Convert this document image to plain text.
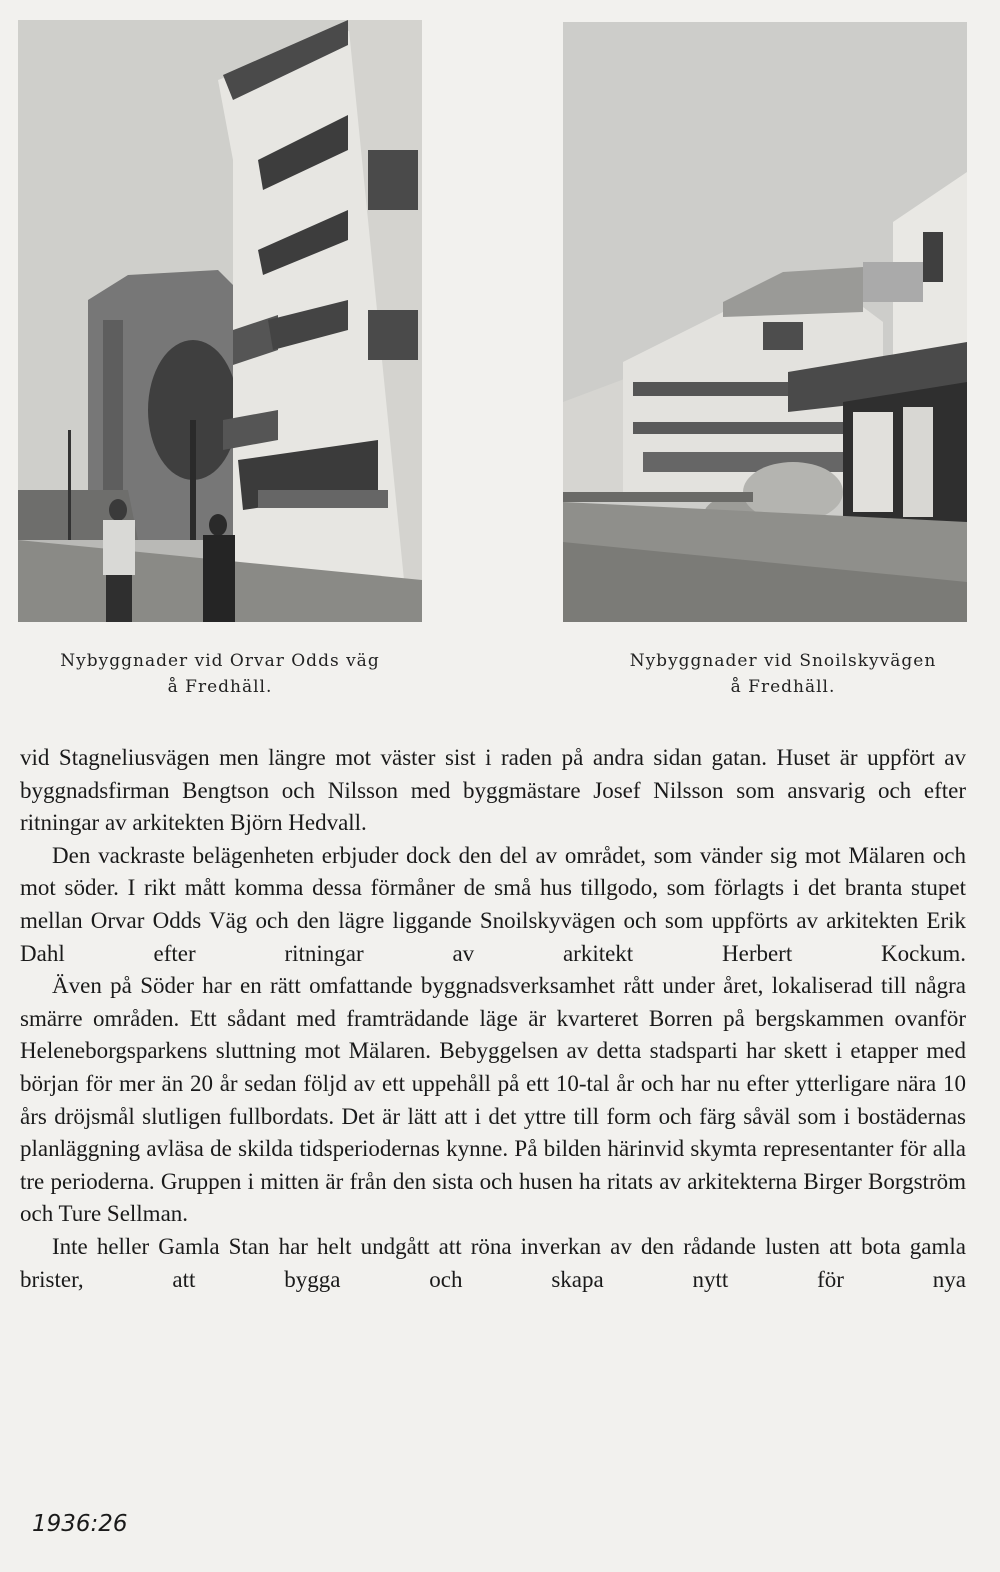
Nybyggnader vid Orvar Odds väg
å Fredhäll.
Nybyggnader vid Snoilskyvägen
å Fredhäll.

vid Stagneliusvägen men längre mot väster sist i raden på andra sidan gatan. Huset är uppfört av byggnadsfirman Bengtson och Nilsson med byggmästare Josef Nilsson som ansvarig och efter ritningar av arkitekten Björn Hedvall.

Den vackraste belägenheten erbjuder dock den del av området, som vänder sig mot Mälaren och mot söder. I rikt mått komma dessa förmåner de små hus tillgodo, som förlagts i det branta stupet mellan Orvar Odds Väg och den lägre liggande Snoilskyvägen och som uppförts av arkitekten Erik Dahl efter ritningar av arkitekt Herbert Kockum.

Även på Söder har en rätt omfattande byggnadsverksamhet rått under året, lokaliserad till några smärre områden. Ett sådant med framträdande läge är kvarteret Borren på bergskammen ovanför Heleneborgsparkens sluttning mot Mälaren. Bebyggelsen av detta stadsparti har skett i etapper med början för mer än 20 år sedan följd av ett uppehåll på ett 10-tal år och har nu efter ytterligare nära 10 års dröjsmål slutligen fullbordats. Det är lätt att i det yttre till form och färg såväl som i bostädernas planläggning avläsa de skilda tidsperiodernas kynne. På bilden härinvid skymta representanter för alla tre perioderna. Gruppen i mitten är från den sista och husen ha ritats av arkitekterna Birger Borgström och Ture Sellman.

Inte heller Gamla Stan har helt undgått att röna inverkan av den rådande lusten att bota gamla brister, att bygga och skapa nytt för nya

1936:26
